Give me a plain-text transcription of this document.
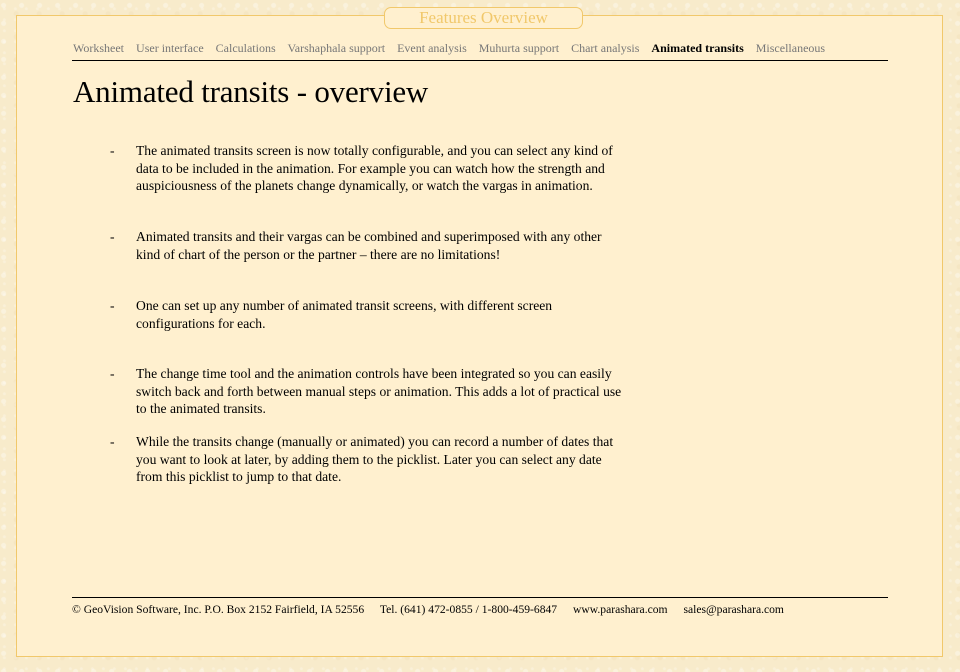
Features Overview
Worksheet User interface Calculations Varshaphala support Event analysis Muhurta support Chart analysis Animated transits Miscellaneous
Animated transits - overview
-	The animated transits screen is now totally configurable, and you can select any kind of data to be included in the animation. For example you can watch how the strength and auspiciousness of the planets change dynamically, or watch the vargas in animation.
-	Animated transits and their vargas can be combined and superimposed with any other kind of chart of the person or the partner – there are no limitations!
-	One can set up any number of animated transit screens, with different screen configurations for each.
-	The change time tool and the animation controls have been integrated so you can easily switch back and forth between manual steps or animation. This adds a lot of practical use to the animated transits.
-	While the transits change (manually or animated) you can record a number of dates that you want to look at later, by adding them to the picklist. Later you can select any date from this picklist to jump to that date.
© GeoVision Software, Inc. P.O. Box 2152 Fairfield, IA 52556 Tel. (641) 472-0855 / 1-800-459-6847 www.parashara.com sales@parashara.com
